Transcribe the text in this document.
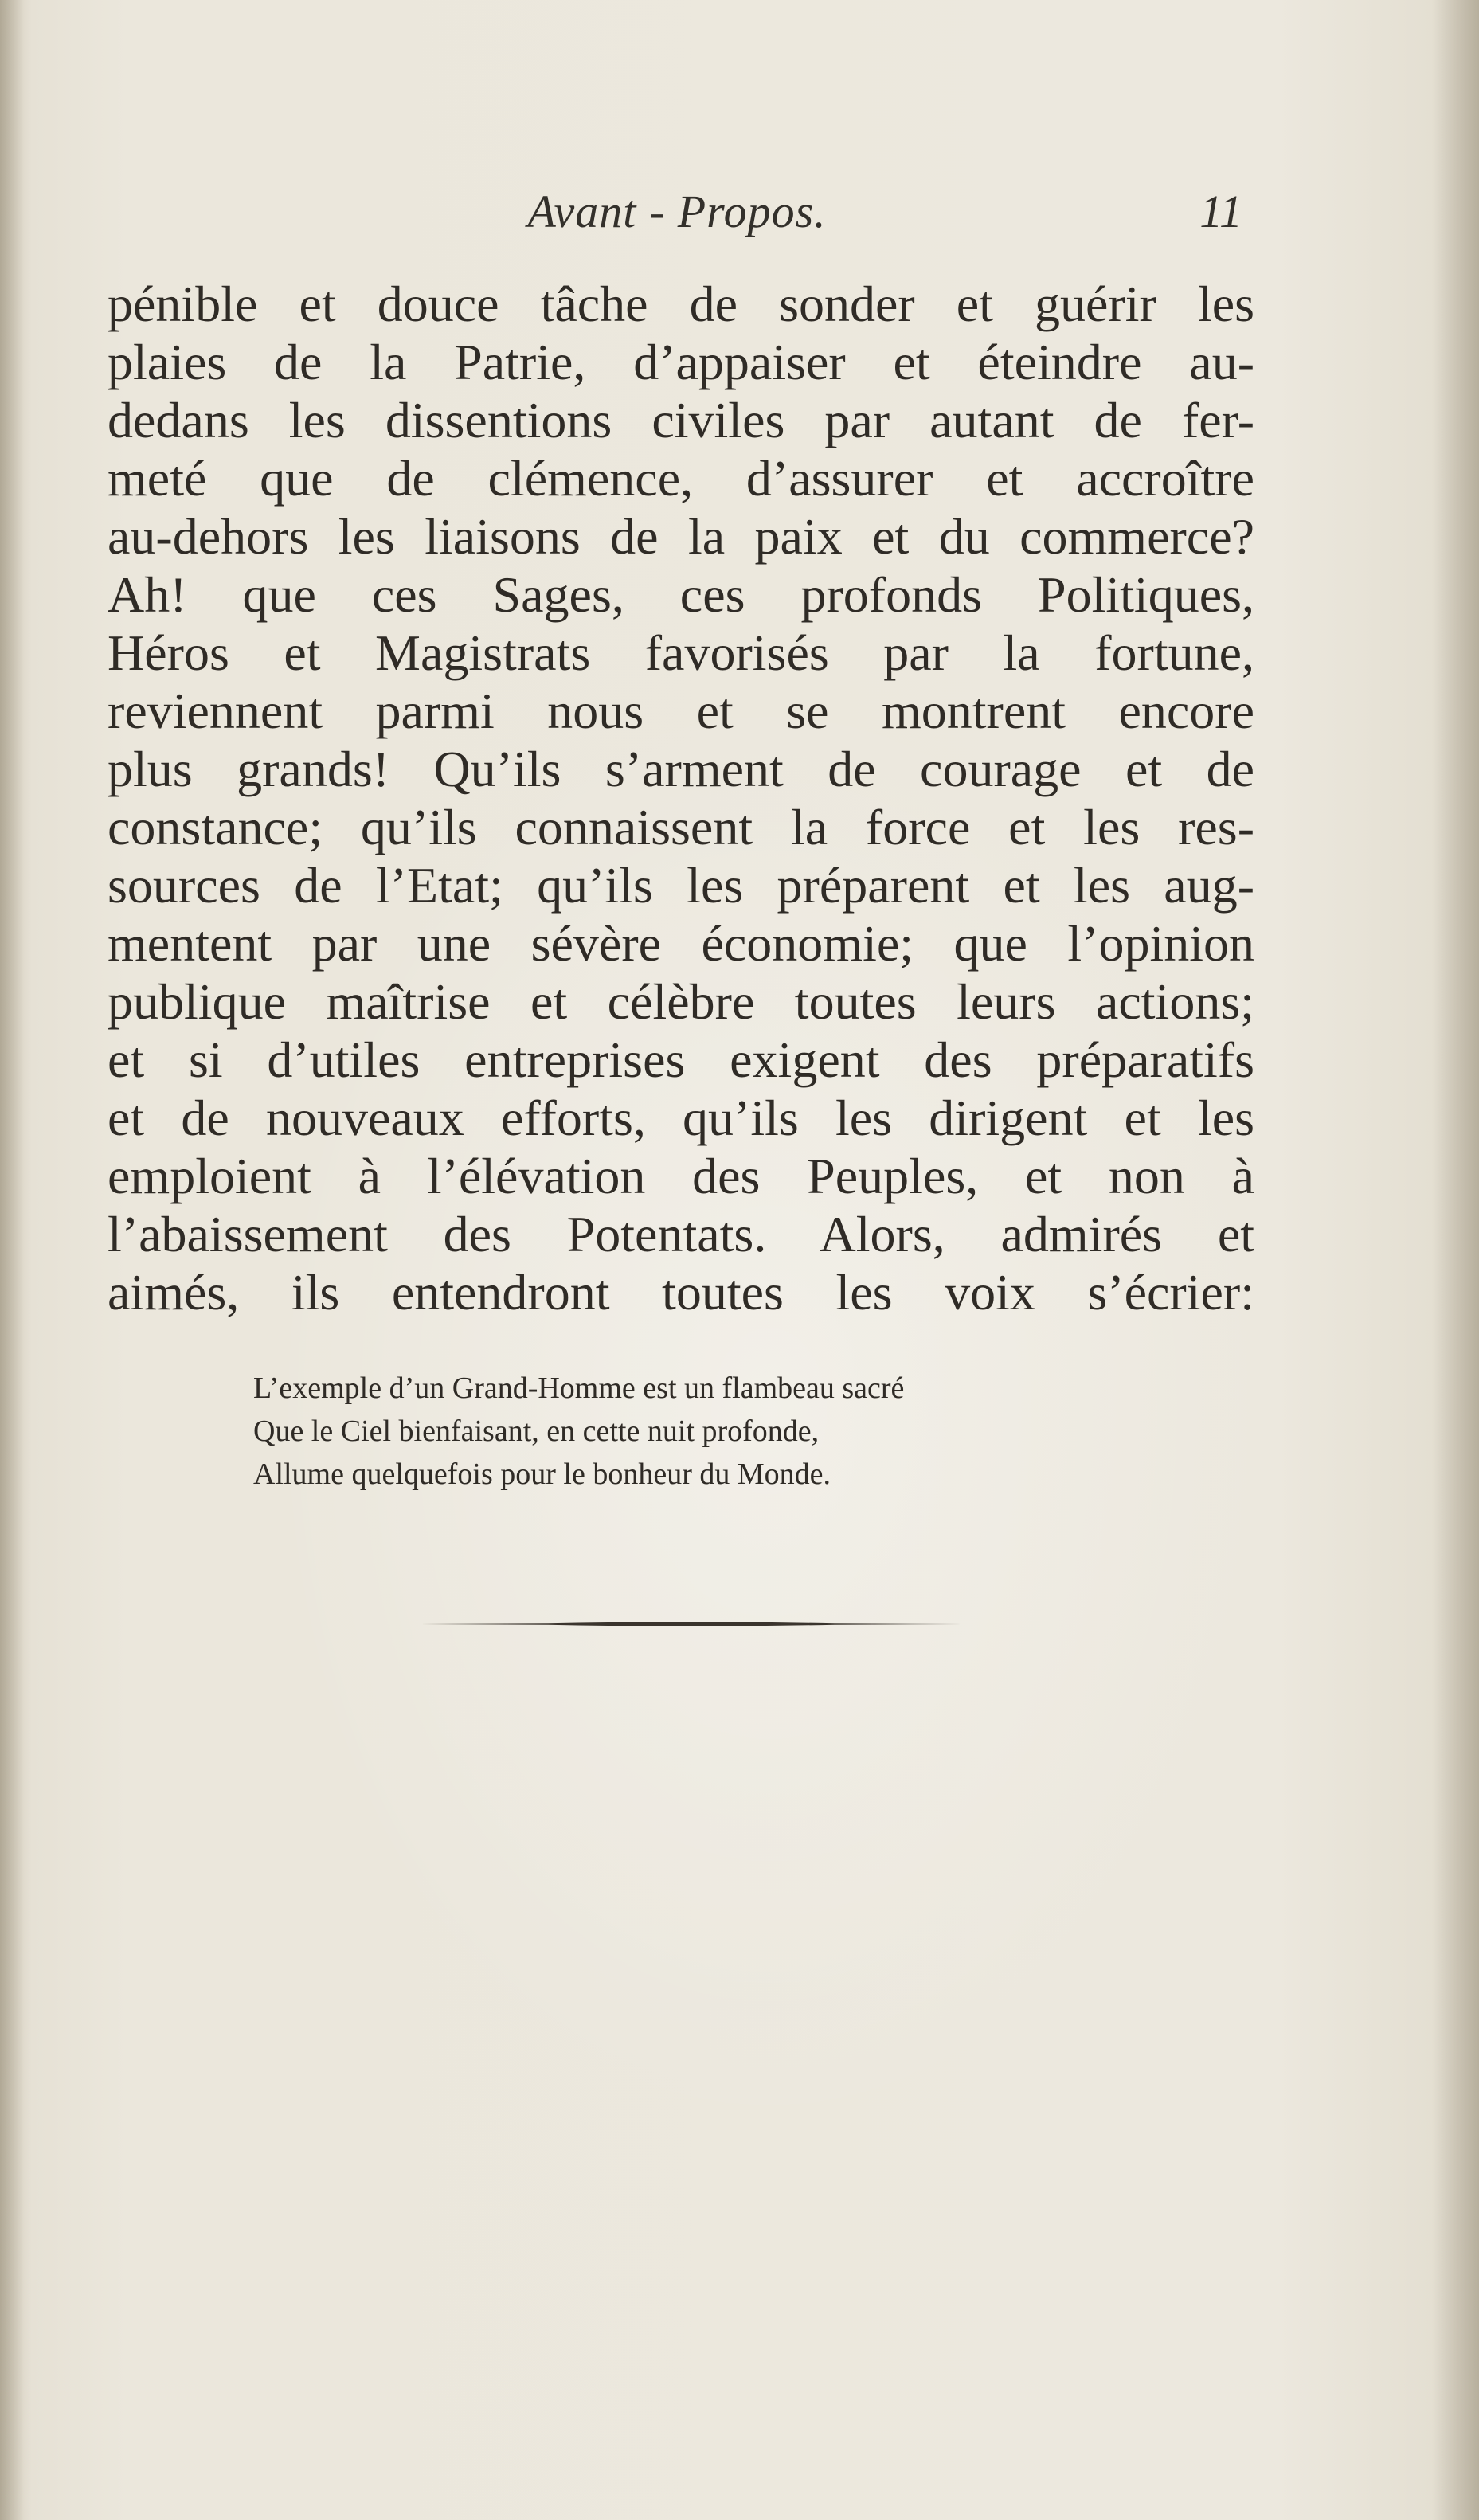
Avant - Propos.	11
pénible et douce tâche de sonder et guérir les
plaies de la Patrie, d’appaiser et éteindre au-
dedans les dissentions civiles par autant de fer-
meté que de clémence, d’assurer et accroître
au-dehors les liaisons de la paix et du commerce?
Ah! que ces Sages, ces profonds Politiques,
Héros et Magistrats favorisés par la fortune,
reviennent parmi nous et se montrent encore
plus grands! Qu’ils s’arment de courage et de
constance; qu’ils connaissent la force et les res-
sources de l’Etat; qu’ils les préparent et les aug-
mentent par une sévère économie; que l’opinion
publique maîtrise et célèbre toutes leurs actions;
et si d’utiles entreprises exigent des préparatifs
et de nouveaux efforts, qu’ils les dirigent et les
emploient à l’élévation des Peuples, et non à
l’abaissement des Potentats. Alors, admirés et
aimés, ils entendront toutes les voix s’écrier:
L’exemple d’un Grand-Homme est un flambeau sacré
Que le Ciel bienfaisant, en cette nuit profonde,
Allume quelquefois pour le bonheur du Monde.
